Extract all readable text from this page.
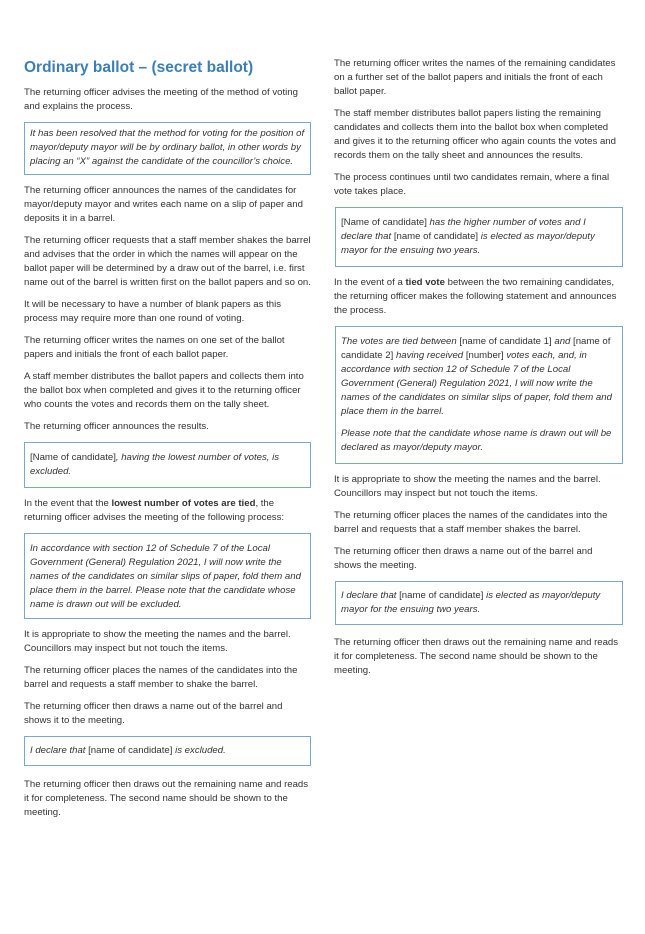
Ordinary ballot – (secret ballot)

The returning officer advises the meeting of the method of voting and explains the process.

It has been resolved that the method for voting for the position of mayor/deputy mayor will be by ordinary ballot, in other words by placing an “X” against the candidate of the councillor’s choice.

The returning officer announces the names of the candidates for mayor/deputy mayor and writes each name on a slip of paper and deposits it in a barrel.

The returning officer requests that a staff member shakes the barrel and advises that the order in which the names will appear on the ballot paper will be determined by a draw out of the barrel, i.e. first name out of the barrel is written first on the ballot papers and so on.

It will be necessary to have a number of blank papers as this process may require more than one round of voting.

The returning officer writes the names on one set of the ballot papers and initials the front of each ballot paper.

A staff member distributes the ballot papers and collects them into the ballot box when completed and gives it to the returning officer who counts the votes and records them on the tally sheet.

The returning officer announces the results.

[Name of candidate], having the lowest number of votes, is excluded.

In the event that the lowest number of votes are tied, the returning officer advises the meeting of the following process:

In accordance with section 12 of Schedule 7 of the Local Government (General) Regulation 2021, I will now write the names of the candidates on similar slips of paper, fold them and place them in the barrel. Please note that the candidate whose name is drawn out will be excluded.

It is appropriate to show the meeting the names and the barrel. Councillors may inspect but not touch the items.

The returning officer places the names of the candidates into the barrel and requests a staff member to shake the barrel.

The returning officer then draws a name out of the barrel and shows it to the meeting.

I declare that [name of candidate] is excluded.

The returning officer then draws out the remaining name and reads it for completeness. The second name should be shown to the meeting.

The returning officer writes the names of the remaining candidates on a further set of the ballot papers and initials the front of each ballot paper.

The staff member distributes ballot papers listing the remaining candidates and collects them into the ballot box when completed and gives it to the returning officer who again counts the votes and records them on the tally sheet and announces the results.

The process continues until two candidates remain, where a final vote takes place.

[Name of candidate] has the higher number of votes and I declare that [name of candidate] is elected as mayor/deputy mayor for the ensuing two years.

In the event of a tied vote between the two remaining candidates, the returning officer makes the following statement and announces the process.

The votes are tied between [name of candidate 1] and [name of candidate 2] having received [number] votes each, and, in accordance with section 12 of Schedule 7 of the Local Government (General) Regulation 2021, I will now write the names of the candidates on similar slips of paper, fold them and place them in the barrel.

Please note that the candidate whose name is drawn out will be declared as mayor/deputy mayor.

It is appropriate to show the meeting the names and the barrel. Councillors may inspect but not touch the items.

The returning officer places the names of the candidates into the barrel and requests that a staff member shakes the barrel.

The returning officer then draws a name out of the barrel and shows the meeting.

I declare that [name of candidate] is elected as mayor/deputy mayor for the ensuing two years.

The returning officer then draws out the remaining name and reads it for completeness. The second name should be shown to the meeting.
